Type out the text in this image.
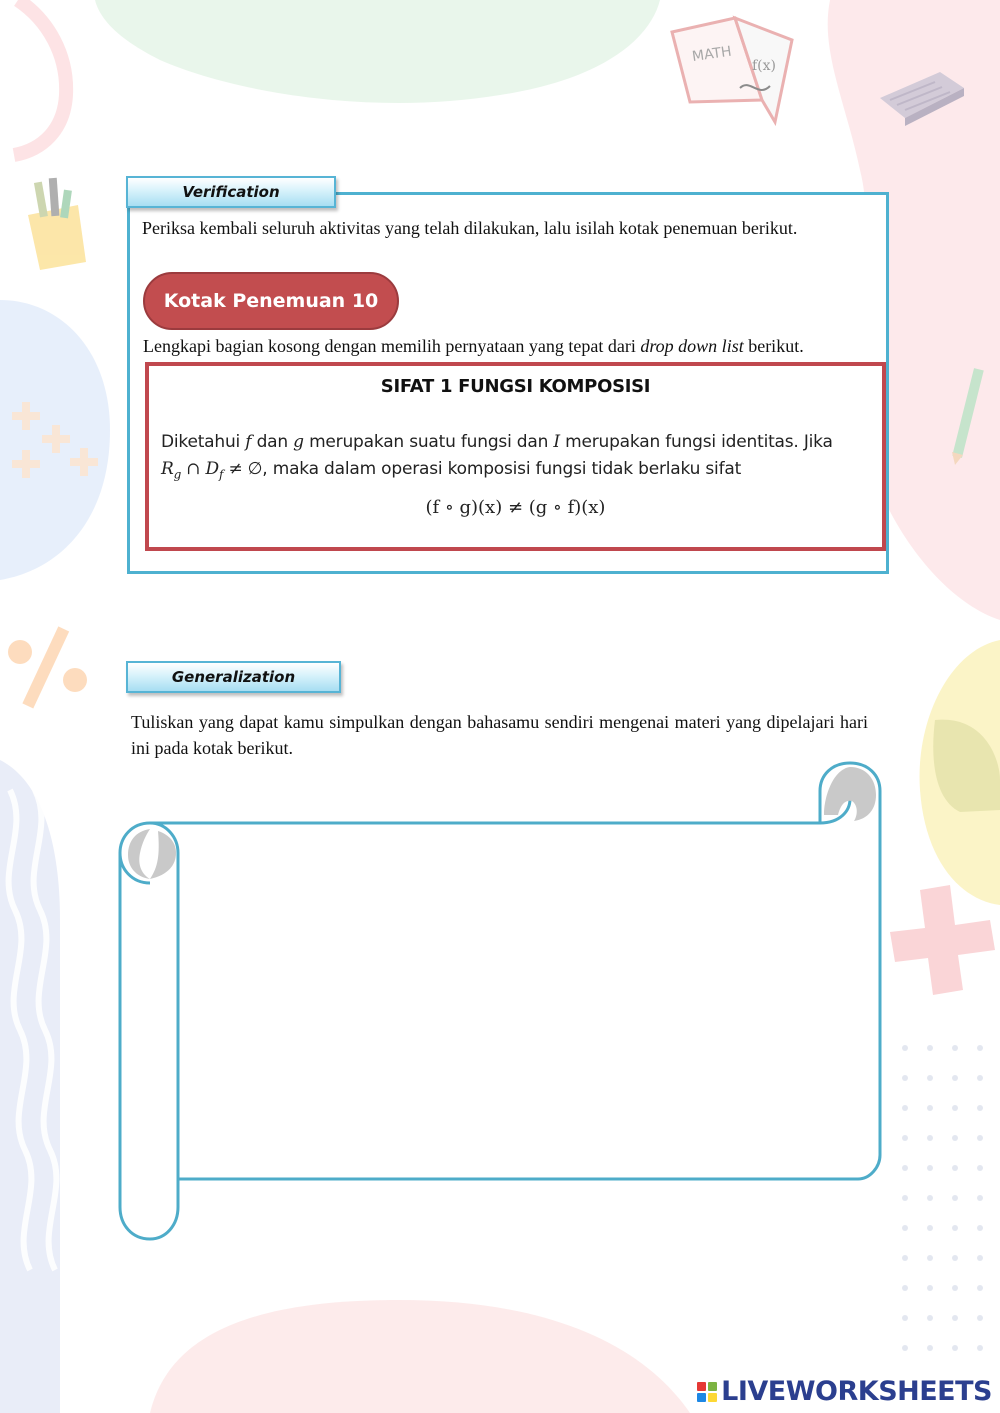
MATH
f(x)
Verification
Periksa kembali seluruh aktivitas yang telah dilakukan, lalu isilah kotak penemuan berikut.
Kotak Penemuan 10
Lengkapi bagian kosong dengan memilih pernyataan yang tepat dari drop down list berikut.
SIFAT 1 FUNGSI KOMPOSISI
Diketahui f dan g merupakan suatu fungsi dan I merupakan fungsi identitas. Jika
$R_g$ ∩ $D_f$ ≠ ∅, maka dalam operasi komposisi fungsi tidak berlaku sifat
(f ∘ g)(x) ≠ (g ∘ f)(x)
Generalization
Tuliskan yang dapat kamu simpulkan dengan bahasamu sendiri mengenai materi yang dipelajari hari ini pada kotak berikut.
LIVEWORKSHEETS
